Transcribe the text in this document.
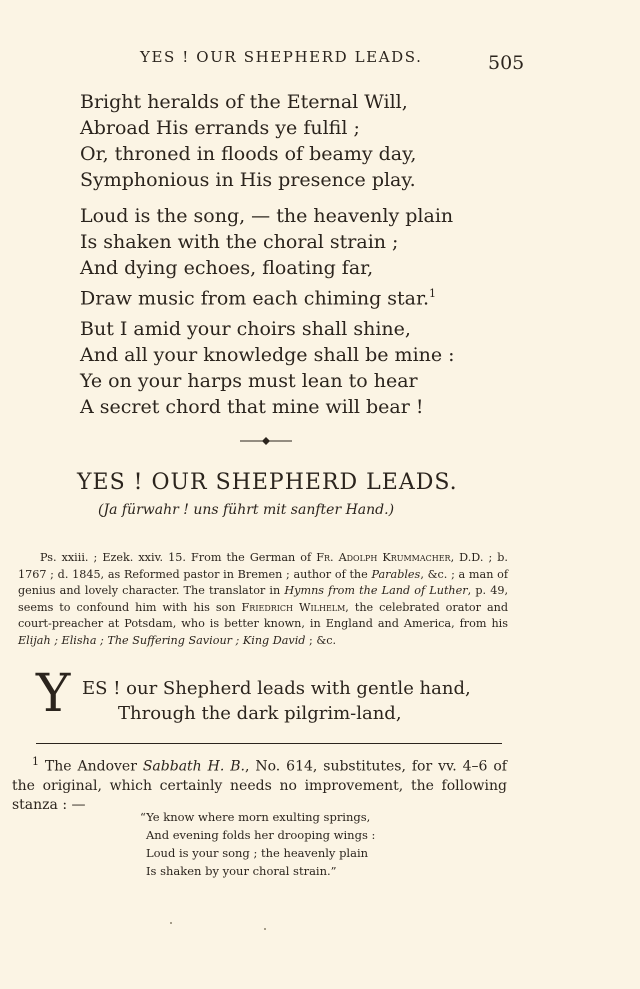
YES ! OUR SHEPHERD LEADS.	505
Bright heralds of the Eternal Will,
Abroad His errands ye fulfil ;
Or, throned in floods of beamy day,
Symphonious in His presence play.
Loud is the song, — the heavenly plain
Is shaken with the choral strain ;
And dying echoes, floating far,
Draw music from each chiming star.$^1$
But I amid your choirs shall shine,
And all your knowledge shall be mine :
Ye on your harps must lean to hear
A secret chord that mine will bear !
YES ! OUR SHEPHERD LEADS.
(Ja fürwahr ! uns führt mit sanfter Hand.)
Ps. xxiii. ; Ezek. xxiv. 15. From the German of Fr. Adolph Krummacher, D.D. ; b. 1767 ; d. 1845, as Reformed pastor in Bremen ; author of the Parables, &c. ; a man of genius and lovely character. The translator in Hymns from the Land of Luther, p. 49, seems to confound him with his son Friedrich Wilhelm, the celebrated orator and court-preacher at Potsdam, who is better known, in England and America, from his Elijah ; Elisha ; The Suffering Saviour ; King David ; &c.
Y ES ! our Shepherd leads with gentle hand,
Through the dark pilgrim-land,
$^1$ The Andover Sabbath H. B., No. 614, substitutes, for vv. 4–6 of the original, which certainly needs no improvement, the following stanza : —
“Ye know where morn exulting springs,
And evening folds her drooping wings :
Loud is your song ; the heavenly plain
Is shaken by your choral strain.”
